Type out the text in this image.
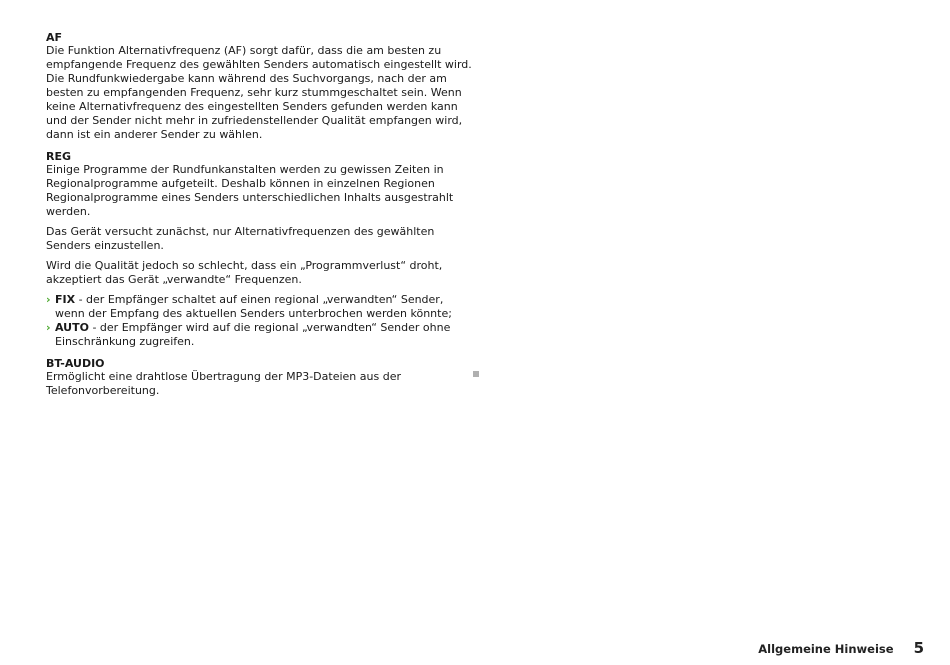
AF

Die Funktion Alternativfrequenz (AF) sorgt dafür, dass die am besten zu empfangende Frequenz des gewählten Senders automatisch eingestellt wird. Die Rundfunkwiedergabe kann während des Suchvorgangs, nach der am besten zu empfangenden Frequenz, sehr kurz stummgeschaltet sein. Wenn keine Alternativfrequenz des eingestellten Senders gefunden werden kann und der Sender nicht mehr in zufriedenstellender Qualität empfangen wird, dann ist ein anderer Sender zu wählen.

REG

Einige Programme der Rundfunkanstalten werden zu gewissen Zeiten in Regionalprogramme aufgeteilt. Deshalb können in einzelnen Regionen Regionalprogramme eines Senders unterschiedlichen Inhalts ausgestrahlt werden.

Das Gerät versucht zunächst, nur Alternativfrequenzen des gewählten Senders einzustellen.

Wird die Qualität jedoch so schlecht, dass ein „Programmverlust“ droht, akzeptiert das Gerät „verwandte“ Frequenzen.

› FIX - der Empfänger schaltet auf einen regional „verwandten“ Sender, wenn der Empfang des aktuellen Senders unterbrochen werden könnte;
› AUTO - der Empfänger wird auf die regional „verwandten“ Sender ohne Einschränkung zugreifen.
BT-AUDIO

Ermöglicht eine drahtlose Übertragung der MP3-Dateien aus der Telefonvorbereitung.

Allgemeine Hinweise 5
